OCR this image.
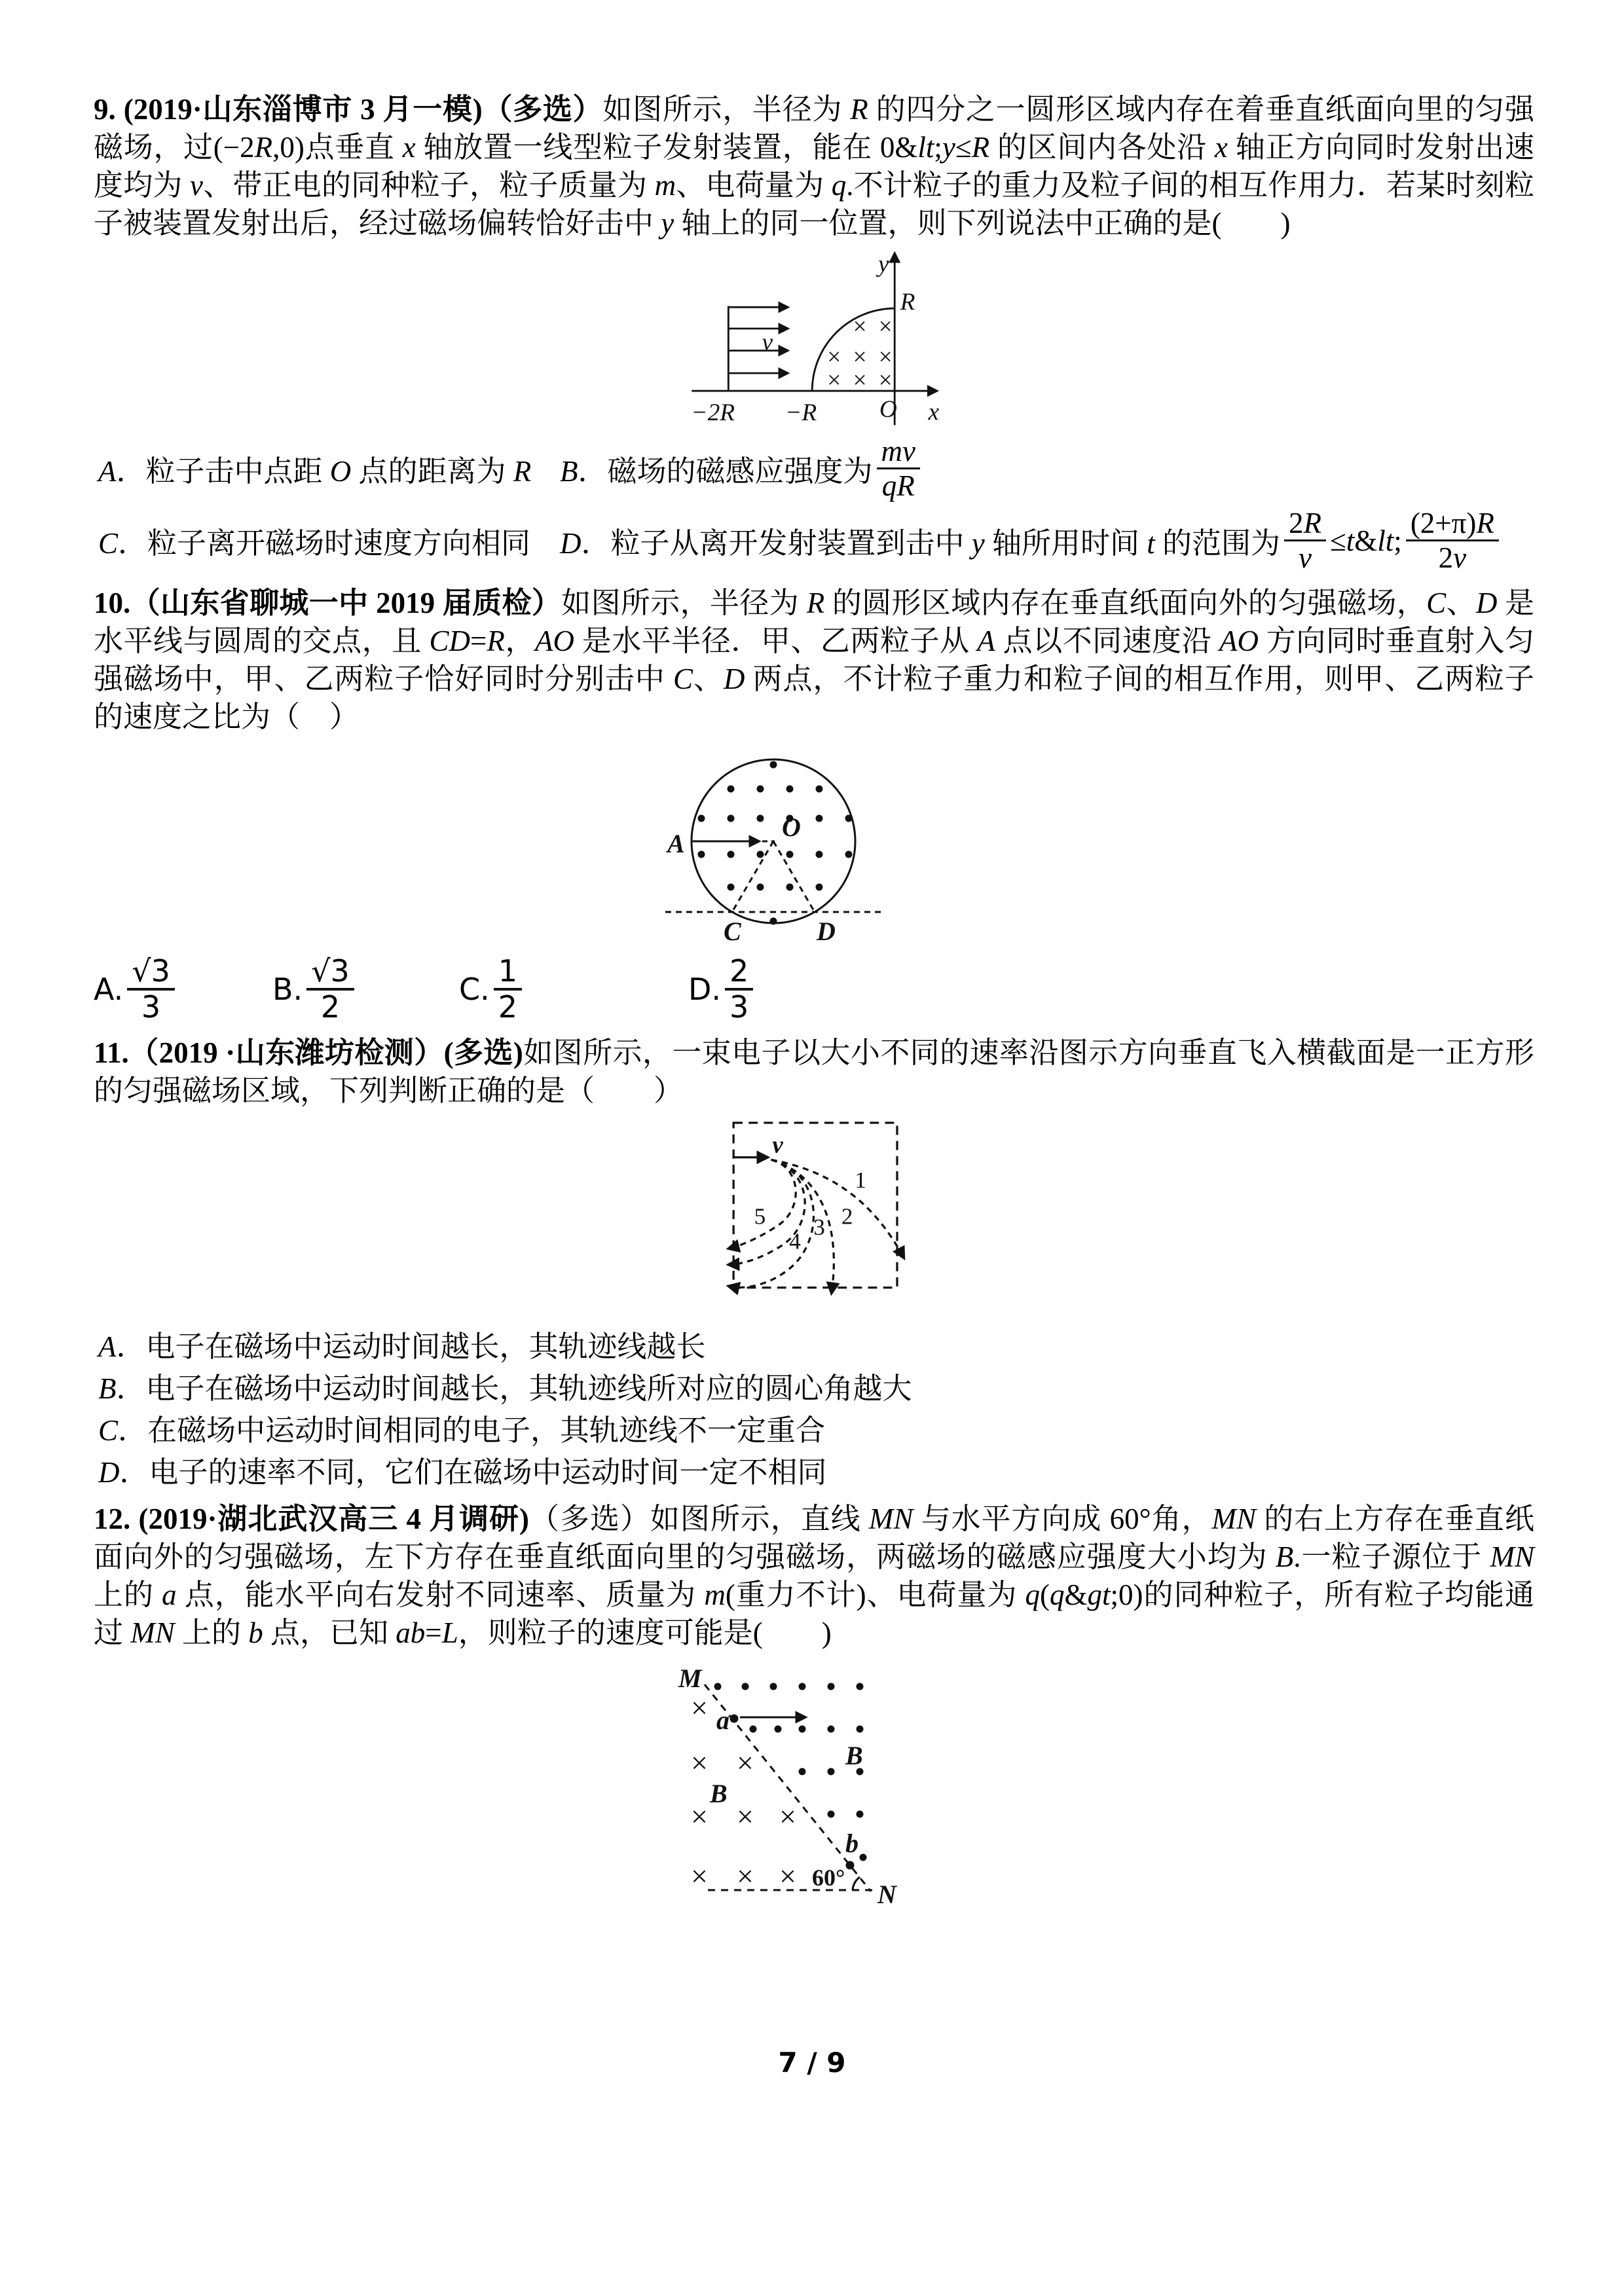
9. (2019·山东淄博市 3 月一模)（多选）如图所示，半径为 R 的四分之一圆形区域内存在着垂直纸面向里的匀强磁场，过(−2R,0)点垂直 x 轴放置一线型粒子发射装置，能在 0&lt;y≤R 的区间内各处沿 x 轴正方向同时发射出速度均为 v、带正电的同种粒子，粒子质量为 m、电荷量为 q.不计粒子的重力及粒子间的相互作用力．若某时刻粒子被装置发射出后，经过磁场偏转恰好击中 y 轴上的同一位置，则下列说法中正确的是(　　)

y
x
O
R
−R
−2R
v
× ×
× × ×
× × ×
A．粒子击中点距 O 点的距离为 R B．磁场的磁感应强度为 $\frac{mv}{qR}$
C．粒子离开磁场时速度方向相同 D．粒子从离开发射装置到击中 y 轴所用时间 t 的范围为 $\frac{2R}{v}$ ≤t&lt; $\frac{(2+\pi)R}{2v}$

10.（山东省聊城一中 2019 届质检）如图所示，半径为 R 的圆形区域内存在垂直纸面向外的匀强磁场，C、D 是水平线与圆周的交点，且 CD=R，AO 是水平半径．甲、乙两粒子从 A 点以不同速度沿 AO 方向同时垂直射入匀强磁场中，甲、乙两粒子恰好同时分别击中 C、D 两点，不计粒子重力和粒子间的相互作用，则甲、乙两粒子的速度之比为（　）

A
O
C	D
A. $\frac{√3}{3}$	B. $\frac{√3}{2}$	C. $\frac{1}{2}$	D. $\frac{2}{3}$

11.（2019 ·山东潍坊检测）(多选)如图所示，一束电子以大小不同的速率沿图示方向垂直飞入横截面是一正方形的匀强磁场区域，下列判断正确的是（　　）

v
1
2
3
4
5
A．电子在磁场中运动时间越长，其轨迹线越长
B．电子在磁场中运动时间越长，其轨迹线所对应的圆心角越大
C．在磁场中运动时间相同的电子，其轨迹线不一定重合
D．电子的速率不同，它们在磁场中运动时间一定不相同

12. (2019·湖北武汉高三 4 月调研)（多选）如图所示，直线 MN 与水平方向成 60°角，MN 的右上方存在垂直纸面向外的匀强磁场，左下方存在垂直纸面向里的匀强磁场，两磁场的磁感应强度大小均为 B.一粒子源位于 MN 上的 a 点，能水平向右发射不同速率、质量为 m(重力不计)、电荷量为 q(q&gt;0)的同种粒子，所有粒子均能通过 MN 上的 b 点，已知 ab=L，则粒子的速度可能是(　　)

×
× ×
× × ×
× × ×
M
N
a
b
B
B
60°
7 / 9
